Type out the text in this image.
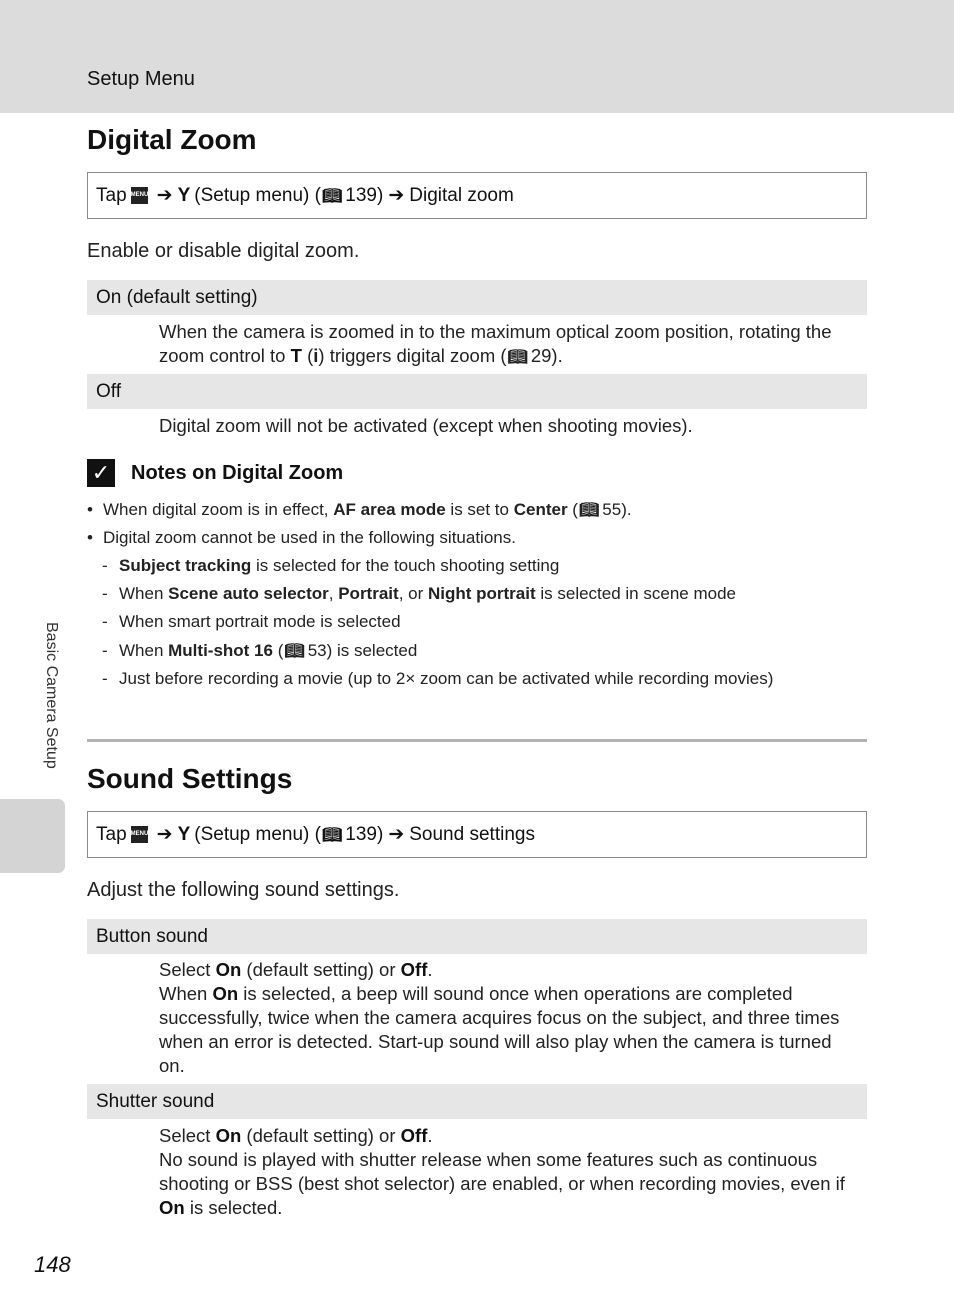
Setup Menu
Basic Camera Setup
Digital Zoom
Tap MENU ➔ Y (Setup menu) ( 📖︎ 139) ➔ Digital zoom
Enable or disable digital zoom.
On (default setting)
When the camera is zoomed in to the maximum optical zoom position, rotating the
zoom control to T (i) triggers digital zoom (📖︎ 29).
Off
Digital zoom will not be activated (except when shooting movies).
✓ Notes on Digital Zoom
• When digital zoom is in effect, AF area mode is set to Center (📖︎ 55).
• Digital zoom cannot be used in the following situations.
- Subject tracking is selected for the touch shooting setting
- When Scene auto selector, Portrait, or Night portrait is selected in scene mode
- When smart portrait mode is selected
- When Multi-shot 16 (📖︎ 53) is selected
- Just before recording a movie (up to 2× zoom can be activated while recording movies)
Sound Settings
Tap MENU ➔ Y (Setup menu) ( 📖︎ 139) ➔ Sound settings
Adjust the following sound settings.
Button sound
Select On (default setting) or Off.
When On is selected, a beep will sound once when operations are completed successfully, twice when the camera acquires focus on the subject, and three times when an error is detected. Start-up sound will also play when the camera is turned on.
Shutter sound
Select On (default setting) or Off.
No sound is played with shutter release when some features such as continuous shooting or BSS (best shot selector) are enabled, or when recording movies, even if On is selected.
148
